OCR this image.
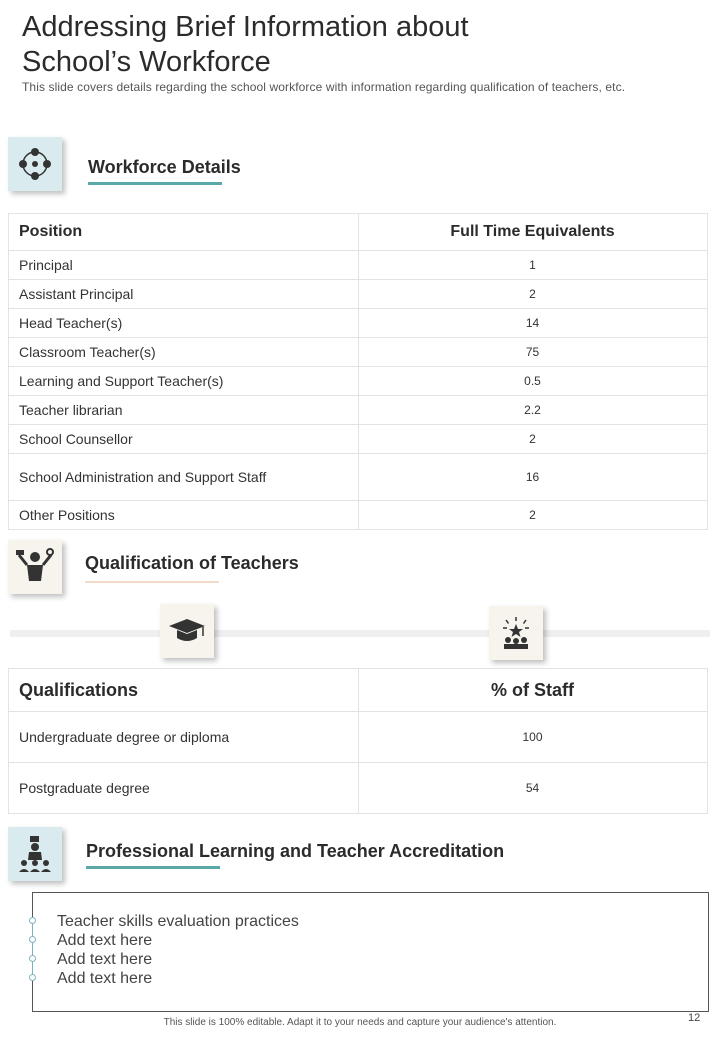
Addressing Brief Information about
School’s Workforce
This slide covers details regarding the school workforce with information regarding qualification of teachers, etc.
Workforce Details
Position	Full Time Equivalents
Principal	1
Assistant Principal	2
Head Teacher(s)	14
Classroom Teacher(s)	75
Learning and Support Teacher(s)	0.5
Teacher librarian	2.2
School Counsellor	2
School Administration and Support Staff	16
Other Positions	2
Qualification of Teachers
Qualifications	% of Staff
Undergraduate degree or diploma	100
Postgraduate degree	54
Professional Learning and Teacher Accreditation
Teacher skills evaluation practices
Add text here
Add text here
Add text here
This slide is 100% editable. Adapt it to your needs and capture your audience's attention.	12
